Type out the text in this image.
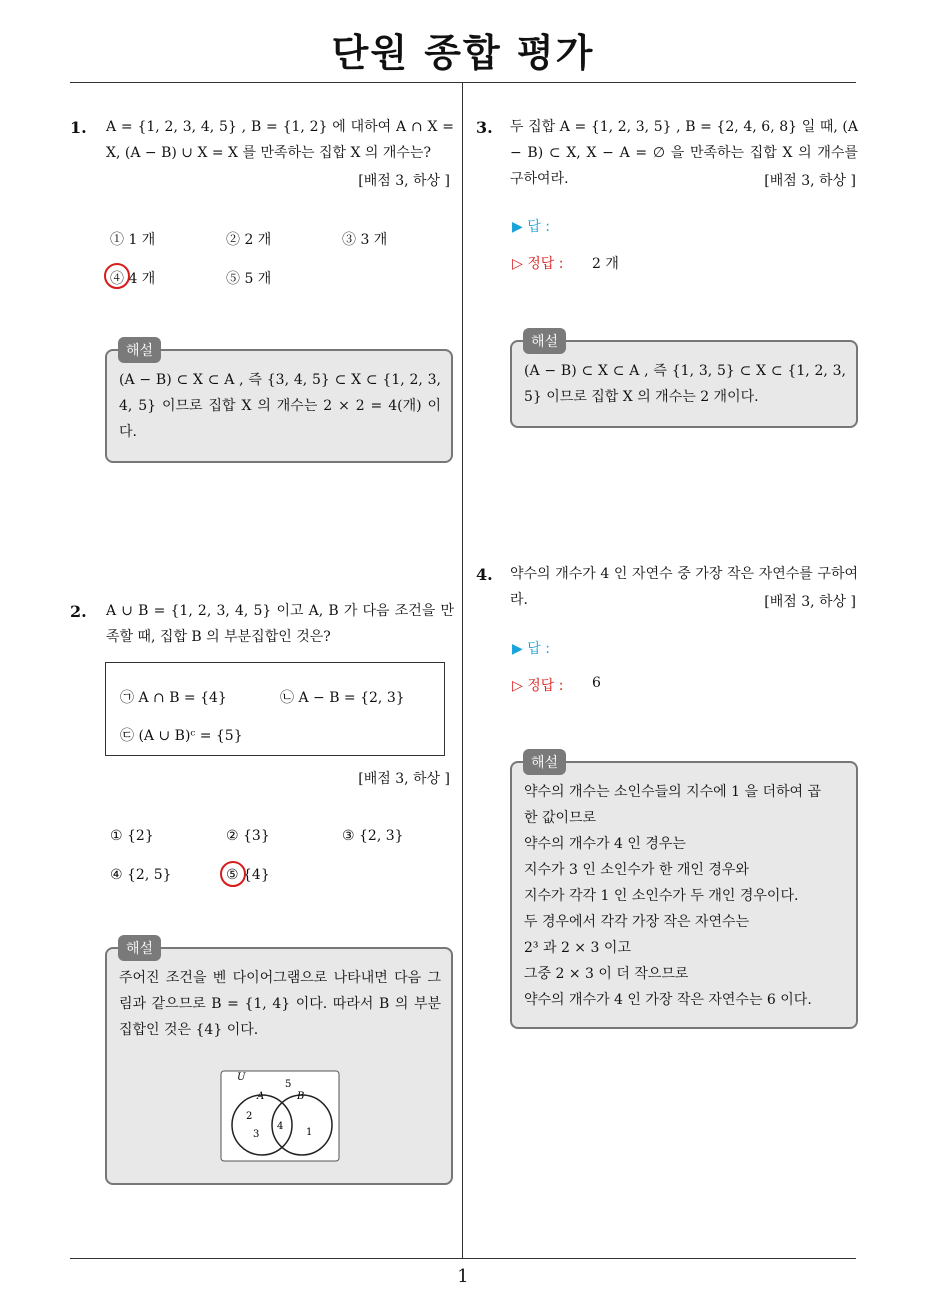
단원 종합 평가
1. A = {1, 2, 3, 4, 5} , B = {1, 2} 에 대하여 A ∩ X = X, (A − B) ∪ X = X 를 만족하는 집합 X 의 개수는?
[배점 3, 하상 ]
① 1 개	② 2 개	③ 3 개
④ 4 개	⑤ 5 개
(A − B) ⊂ X ⊂ A , 즉 {3, 4, 5} ⊂ X ⊂ {1, 2, 3, 4, 5} 이므로 집합 X 의 개수는 2 × 2 = 4(개) 이다.
해설
2. A ∪ B = {1, 2, 3, 4, 5} 이고 A, B 가 다음 조건을 만족할 때, 집합 B 의 부분집합인 것은?
㉠ A ∩ B = {4}	㉡ A − B = {2, 3}
㉢ (A ∪ B)ᶜ = {5}
[배점 3, 하상 ]
① {2}	② {3}	③ {2, 3}
④ {2, 5}	⑤ {4}
주어진 조건을 벤 다이어그램으로 나타내면 다음 그림과 같으므로 B = {1, 4} 이다. 따라서 B 의 부분집합인 것은 {4} 이다.
U
A	B
5
2
3
4
1
해설
3. 두 집합 A = {1, 2, 3, 5} , B = {2, 4, 6, 8} 일 때, (A − B) ⊂ X, X − A = ∅ 을 만족하는 집합 X 의 개수를 구하여라.	[배점 3, 하상 ]
▶ 답 :
▷ 정답 : 2 개
(A − B) ⊂ X ⊂ A , 즉 {1, 3, 5} ⊂ X ⊂ {1, 2, 3, 5} 이므로 집합 X 의 개수는 2 개이다.
해설
4. 약수의 개수가 4 인 자연수 중 가장 작은 자연수를 구하여라.	[배점 3, 하상 ]
▶ 답 :
▷ 정답 : 6
약수의 개수는 소인수들의 지수에 1 을 더하여 곱
한 값이므로
약수의 개수가 4 인 경우는
지수가 3 인 소인수가 한 개인 경우와
지수가 각각 1 인 소인수가 두 개인 경우이다.
두 경우에서 각각 가장 작은 자연수는
2³ 과 2 × 3 이고
그중 2 × 3 이 더 작으므로
약수의 개수가 4 인 가장 작은 자연수는 6 이다.
해설
1
